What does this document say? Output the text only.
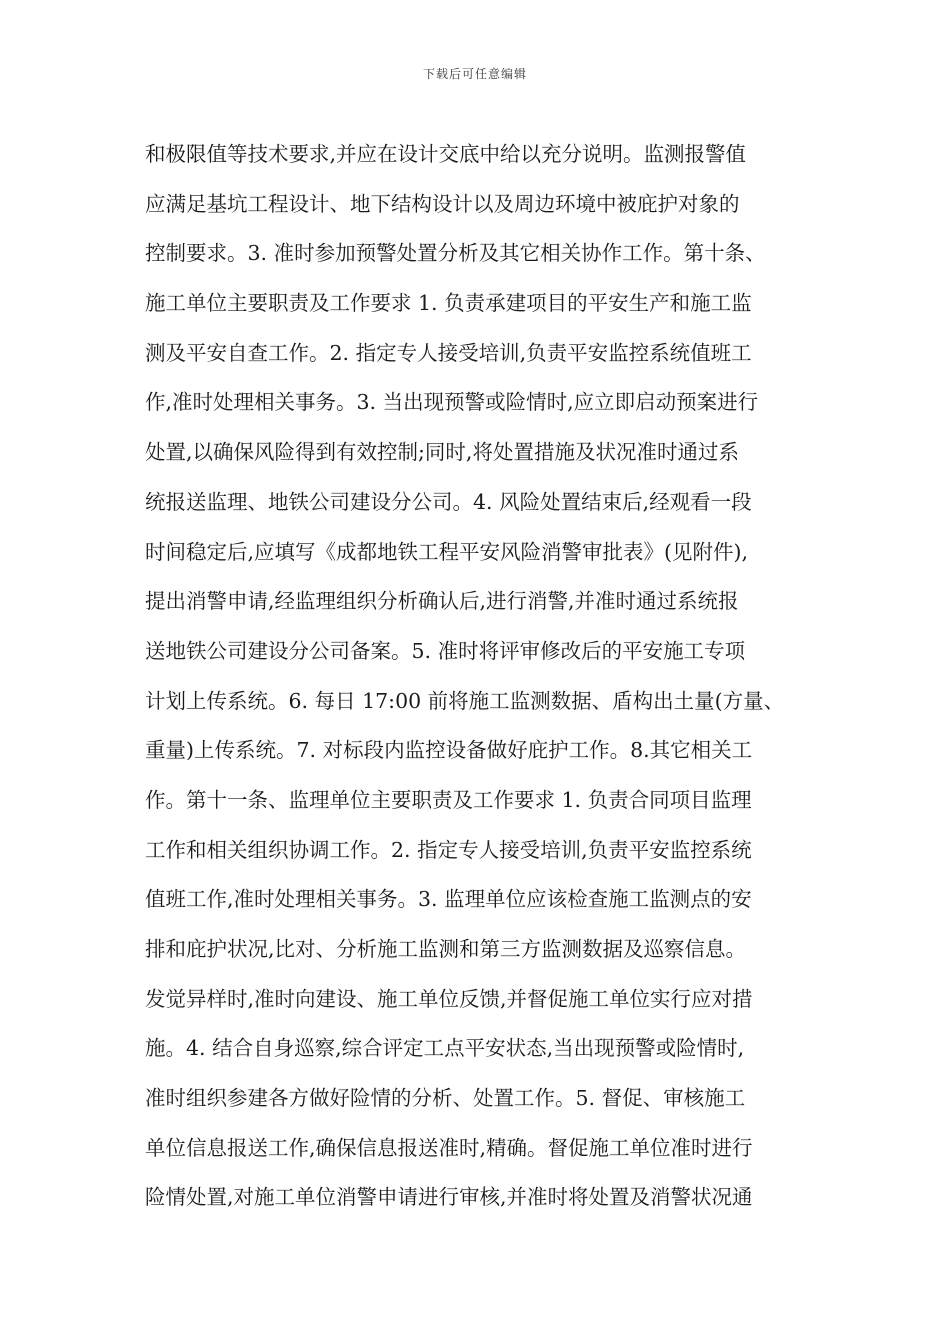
下载后可任意编辑
和极限值等技术要求,并应在设计交底中给以充分说明。监测报警值
应满足基坑工程设计、地下结构设计以及周边环境中被庇护对象的
控制要求。3. 准时参加预警处置分析及其它相关协作工作。第十条、
施工单位主要职责及工作要求 1. 负责承建项目的平安生产和施工监
测及平安自查工作。2. 指定专人接受培训,负责平安监控系统值班工
作,准时处理相关事务。3. 当出现预警或险情时,应立即启动预案进行
处置,以确保风险得到有效控制;同时,将处置措施及状况准时通过系
统报送监理、地铁公司建设分公司。4. 风险处置结束后,经观看一段
时间稳定后,应填写《成都地铁工程平安风险消警审批表》(见附件),
提出消警申请,经监理组织分析确认后,进行消警,并准时通过系统报
送地铁公司建设分公司备案。5. 准时将评审修改后的平安施工专项
计划上传系统。6. 每日 17:00 前将施工监测数据、盾构出土量(方量、
重量)上传系统。7. 对标段内监控设备做好庇护工作。8.其它相关工
作。第十一条、监理单位主要职责及工作要求 1. 负责合同项目监理
工作和相关组织协调工作。2. 指定专人接受培训,负责平安监控系统
值班工作,准时处理相关事务。3. 监理单位应该检查施工监测点的安
排和庇护状况,比对、分析施工监测和第三方监测数据及巡察信息。
发觉异样时,准时向建设、施工单位反馈,并督促施工单位实行应对措
施。4. 结合自身巡察,综合评定工点平安状态,当出现预警或险情时,
准时组织参建各方做好险情的分析、处置工作。5. 督促、审核施工
单位信息报送工作,确保信息报送准时,精确。督促施工单位准时进行
险情处置,对施工单位消警申请进行审核,并准时将处置及消警状况通
